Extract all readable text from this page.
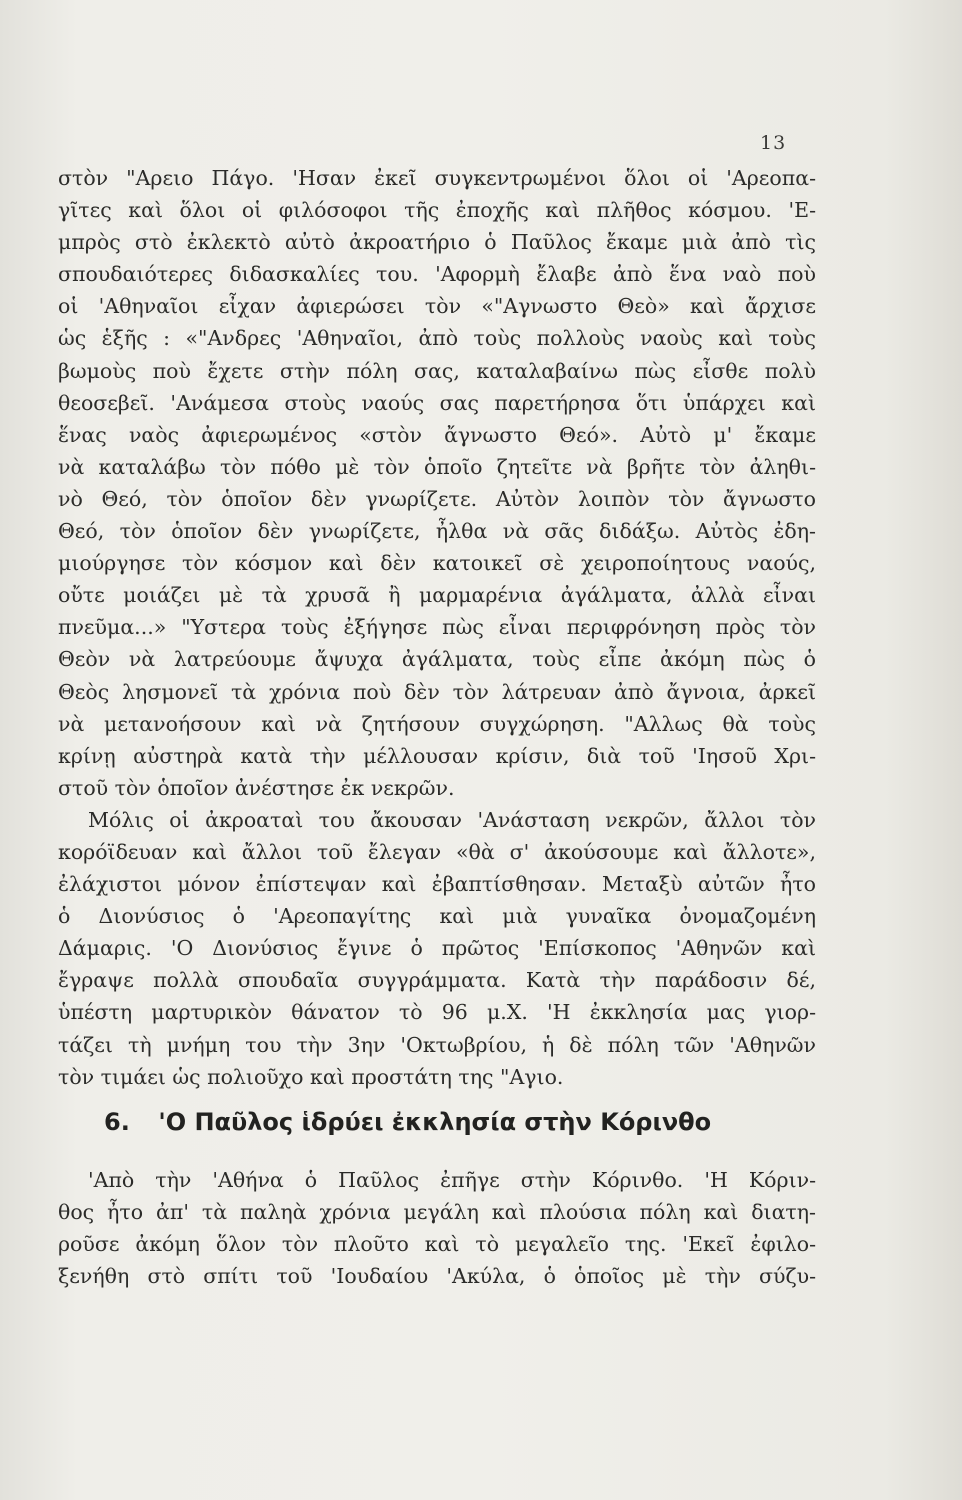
13
στὸν "Αρειο Πάγο. 'Ησαν ἐκεῖ συγκεντρωμένοι ὅλοι οἱ 'Αρεοπα-
γῖτες καὶ ὅλοι οἱ φιλόσοφοι τῆς ἐποχῆς καὶ πλῆθος κόσμου. 'Ε-
μπρὸς στὸ ἐκλεκτὸ αὐτὸ ἀκροατήριο ὁ Παῦλος ἔκαμε μιὰ ἀπὸ τὶς
σπουδαιότερες διδασκαλίες του. 'Αφορμὴ ἔλαβε ἀπὸ ἕνα ναὸ ποὺ
οἱ 'Αθηναῖοι εἶχαν ἀφιερώσει τὸν «"Αγνωστο Θεὸ» καὶ ἄρχισε
ὡς ἑξῆς : «"Ανδρες 'Αθηναῖοι, ἀπὸ τοὺς πολλοὺς ναοὺς καὶ τοὺς
βωμοὺς ποὺ ἔχετε στὴν πόλη σας, καταλαβαίνω πὼς εἶσθε πολὺ
θεοσεβεῖ. 'Ανάμεσα στοὺς ναούς σας παρετήρησα ὅτι ὑπάρχει καὶ
ἕνας ναὸς ἀφιερωμένος «στὸν ἄγνωστο Θεό». Αὐτὸ μ' ἔκαμε
νὰ καταλάβω τὸν πόθο μὲ τὸν ὁποῖο ζητεῖτε νὰ βρῆτε τὸν ἀληθι-
νὸ Θεό, τὸν ὁποῖον δὲν γνωρίζετε. Αὐτὸν λοιπὸν τὸν ἄγνωστο
Θεό, τὸν ὁποῖον δὲν γνωρίζετε, ἦλθα νὰ σᾶς διδάξω. Αὐτὸς ἐδη-
μιούργησε τὸν κόσμον καὶ δὲν κατοικεῖ σὲ χειροποίητους ναούς,
οὔτε μοιάζει μὲ τὰ χρυσᾶ ἢ μαρμαρένια ἀγάλματα, ἀλλὰ εἶναι
πνεῦμα...» "Υστερα τοὺς ἐξήγησε πὼς εἶναι περιφρόνηση πρὸς τὸν
Θεὸν νὰ λατρεύουμε ἄψυχα ἀγάλματα, τοὺς εἶπε ἀκόμη πὼς ὁ
Θεὸς λησμονεῖ τὰ χρόνια ποὺ δὲν τὸν λάτρευαν ἀπὸ ἄγνοια, ἀρκεῖ
νὰ μετανοήσουν καὶ νὰ ζητήσουν συγχώρηση. "Αλλως θὰ τοὺς
κρίνῃ αὐστηρὰ κατὰ τὴν μέλλουσαν κρίσιν, διὰ τοῦ 'Ιησοῦ Χρι-
στοῦ τὸν ὁποῖον ἀνέστησε ἐκ νεκρῶν.
Μόλις οἱ ἀκροαταὶ του ἄκουσαν 'Ανάσταση νεκρῶν, ἄλλοι τὸν
κορόϊδευαν καὶ ἄλλοι τοῦ ἔλεγαν «θὰ σ' ἀκούσουμε καὶ ἄλλοτε»,
ἐλάχιστοι μόνον ἐπίστεψαν καὶ ἐβαπτίσθησαν. Μεταξὺ αὐτῶν ἦτο
ὁ Διονύσιος ὁ 'Αρεοπαγίτης καὶ μιὰ γυναῖκα ὀνομαζομένη
Δάμαρις. 'Ο Διονύσιος ἔγινε ὁ πρῶτος 'Επίσκοπος 'Αθηνῶν καὶ
ἔγραψε πολλὰ σπουδαῖα συγγράμματα. Κατὰ τὴν παράδοσιν δέ,
ὑπέστη μαρτυρικὸν θάνατον τὸ 96 μ.Χ. 'Η ἐκκλησία μας γιορ-
τάζει τὴ μνήμη του τὴν 3ην 'Οκτωβρίου, ἡ δὲ πόλη τῶν 'Αθηνῶν
τὸν τιμάει ὡς πολιοῦχο καὶ προστάτη της "Αγιο.
6. 'Ο Παῦλος ἱδρύει ἐκκλησία στὴν Κόρινθο
'Απὸ τὴν 'Αθήνα ὁ Παῦλος ἐπῆγε στὴν Κόρινθο. 'Η Κόριν-
θος ἦτο ἀπ' τὰ παληὰ χρόνια μεγάλη καὶ πλούσια πόλη καὶ διατη-
ροῦσε ἀκόμη ὅλον τὸν πλοῦτο καὶ τὸ μεγαλεῖο της. 'Εκεῖ ἐφιλο-
ξενήθη στὸ σπίτι τοῦ 'Ιουδαίου 'Ακύλα, ὁ ὁποῖος μὲ τὴν σύζυ-
